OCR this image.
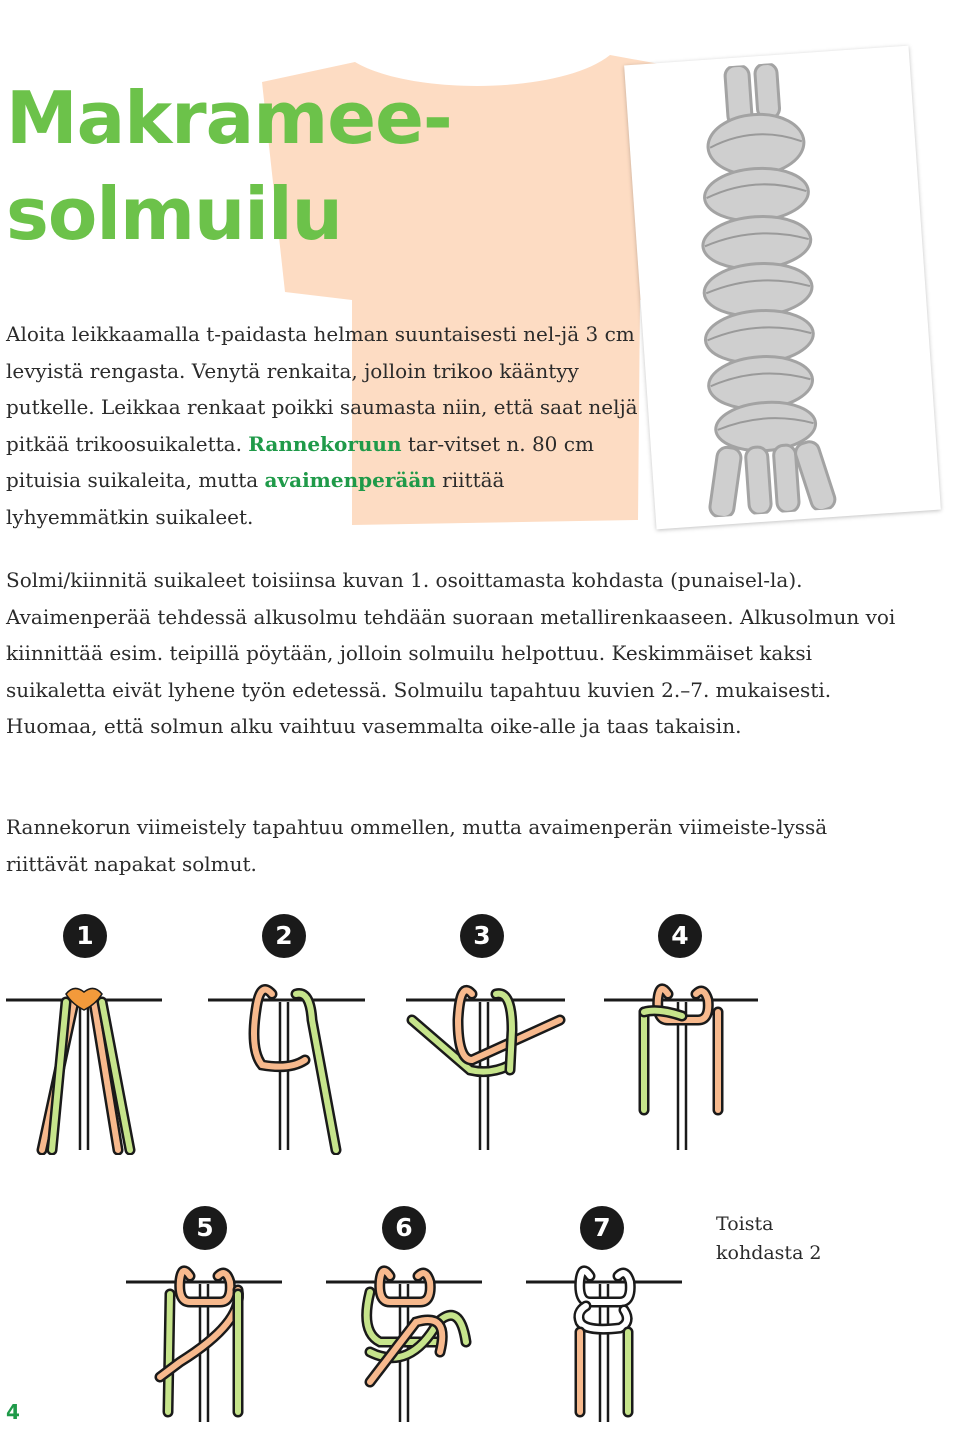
Makramee-
solmuilu

Aloita leikkaamalla t-paidasta helman suuntaisesti nel-jä 3 cm levyistä rengasta. Venytä renkaita, jolloin trikoo kääntyy putkelle. Leikkaa renkaat poikki saumasta niin, että saat neljä pitkää trikoosuikaletta. Rannekoruun tar-vitset n. 80 cm pituisia suikaleita, mutta avaimenperään riittää lyhyemmätkin suikaleet.

Solmi/kiinnitä suikaleet toisiinsa kuvan 1. osoittamasta kohdasta (punaisel-la). Avaimenperää tehdessä alkusolmu tehdään suoraan metallirenkaaseen. Alkusolmun voi kiinnittää esim. teipillä pöytään, jolloin solmuilu helpottuu. Keskimmäiset kaksi suikaletta eivät lyhene työn edetessä. Solmuilu tapahtuu kuvien 2.–7. mukaisesti. Huomaa, että solmun alku vaihtuu vasemmalta oike-alle ja taas takaisin.

Rannekorun viimeistely tapahtuu ommellen, mutta avaimenperän viimeiste-lyssä riittävät napakat solmut.

1	2	3	4
5	6	7	Toista
kohdasta 2

4
